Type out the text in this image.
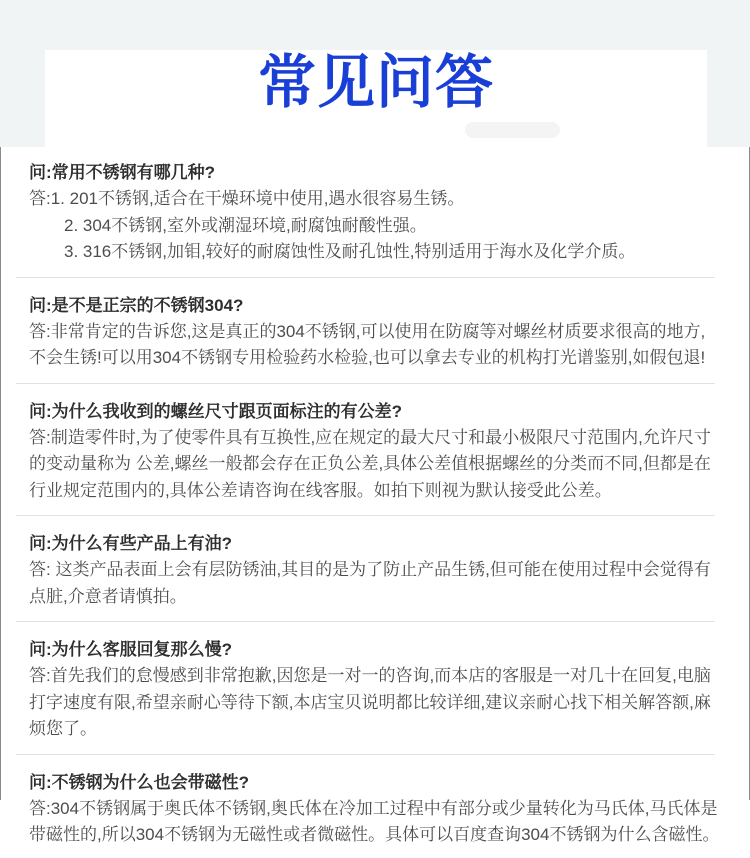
常见问答
问:常用不锈钢有哪几种?
答:1. 201不锈钢,适合在干燥环境中使用,遇水很容易生锈。
2. 304不锈钢,室外或潮湿环境,耐腐蚀耐酸性强。
3. 316不锈钢,加钼,较好的耐腐蚀性及耐孔蚀性,特别适用于海水及化学介质。
问:是不是正宗的不锈钢304?
答:非常肯定的告诉您,这是真正的304不锈钢,可以使用在防腐等对螺丝材质要求很高的地方,不会生锈!可以用304不锈钢专用检验药水检验,也可以拿去专业的机构打光谱鉴别,如假包退!
问:为什么我收到的螺丝尺寸跟页面标注的有公差?
答:制造零件时,为了使零件具有互换性,应在规定的最大尺寸和最小极限尺寸范围内,允许尺寸的变动量称为 公差,螺丝一般都会存在正负公差,具体公差值根据螺丝的分类而不同,但都是在行业规定范围内的,具体公差请咨询在线客服。如拍下则视为默认接受此公差。
问:为什么有些产品上有油?
答: 这类产品表面上会有层防锈油,其目的是为了防止产品生锈,但可能在使用过程中会觉得有点脏,介意者请慎拍。
问:为什么客服回复那么慢?
答:首先我们的怠慢感到非常抱歉,因您是一对一的咨询,而本店的客服是一对几十在回复,电脑打字速度有限,希望亲耐心等待下额,本店宝贝说明都比较详细,建议亲耐心找下相关解答额,麻烦您了。
问:不锈钢为什么也会带磁性?
答:304不锈钢属于奥氏体不锈钢,奥氏体在冷加工过程中有部分或少量转化为马氏体,马氏体是带磁性的,所以304不锈钢为无磁性或者微磁性。具体可以百度查询304不锈钢为什么含磁性。
